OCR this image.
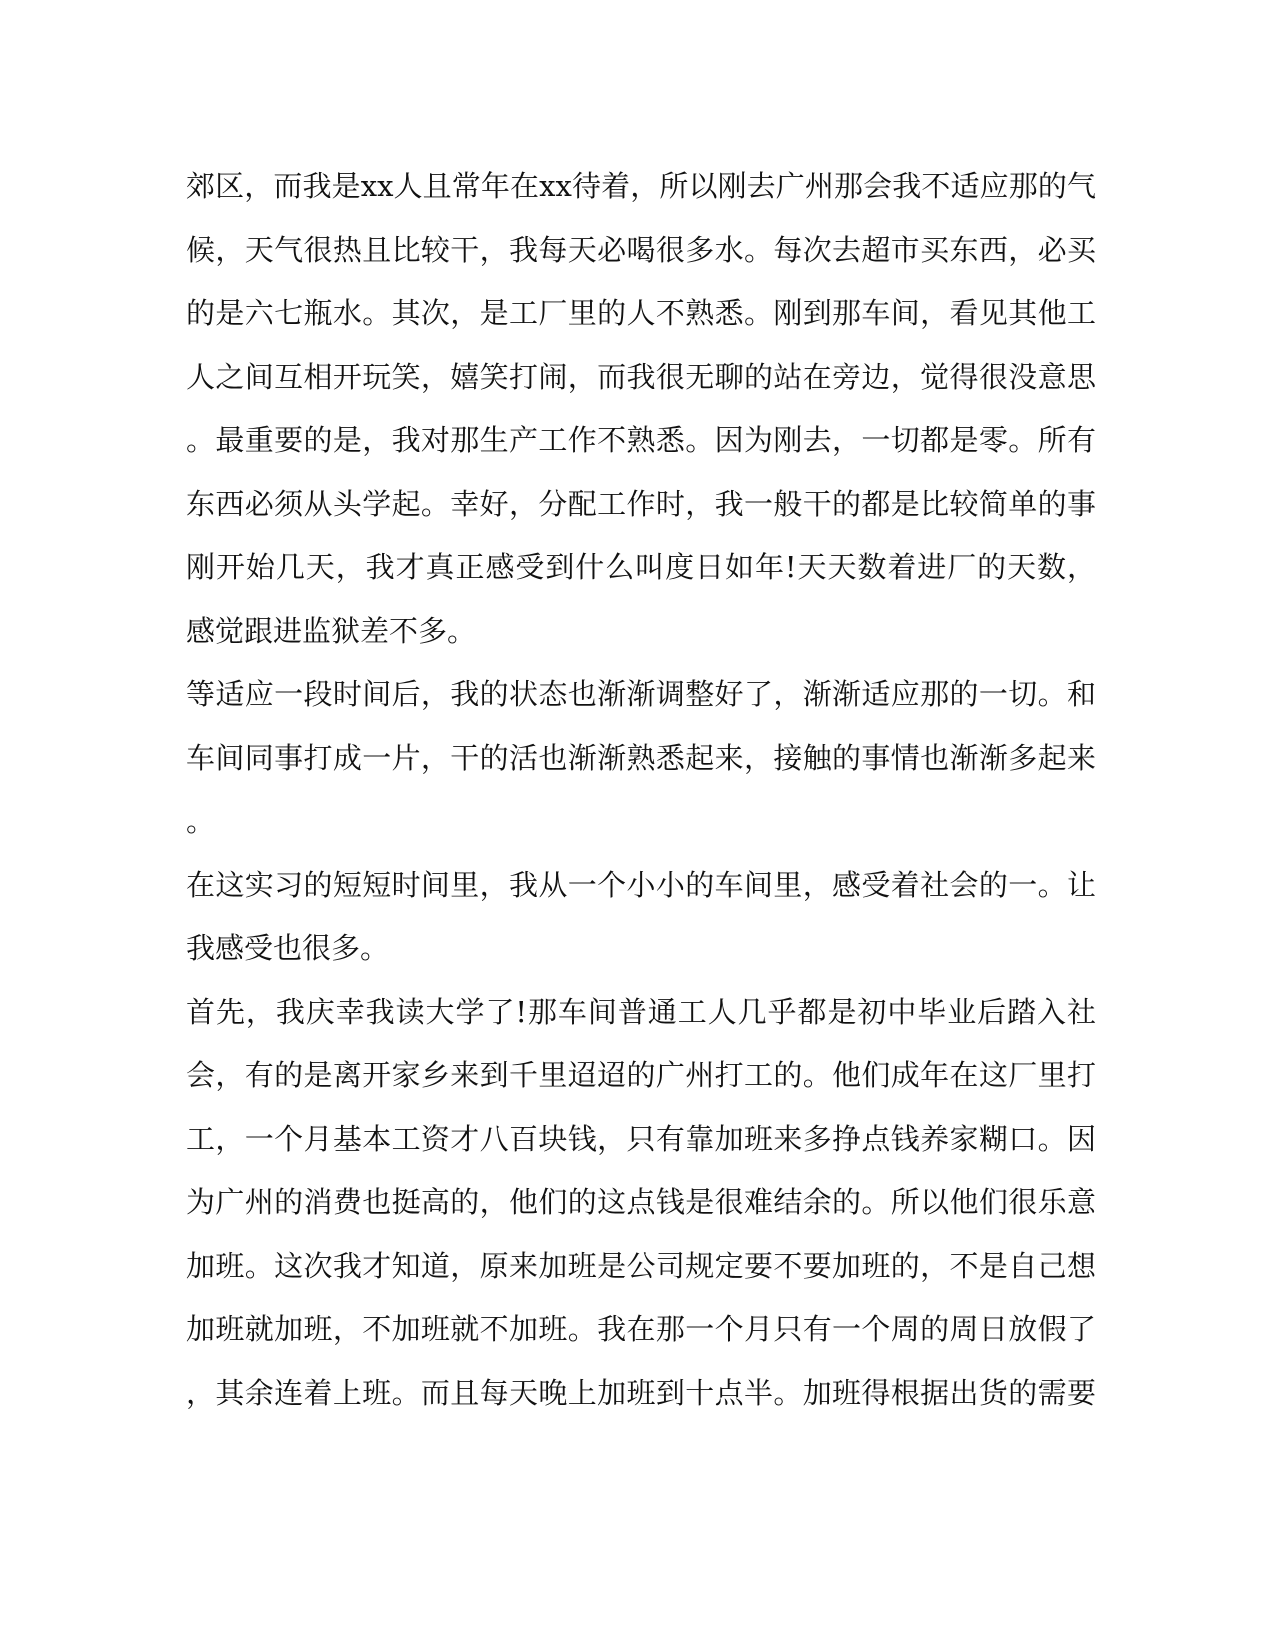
郊区，而我是xx人且常年在xx待着，所以刚去广州那会我不适应那的气
候，天气很热且比较干，我每天必喝很多水。每次去超市买东西，必买
的是六七瓶水。其次，是工厂里的人不熟悉。刚到那车间，看见其他工
人之间互相开玩笑，嬉笑打闹，而我很无聊的站在旁边，觉得很没意思
。最重要的是，我对那生产工作不熟悉。因为刚去，一切都是零。所有
东西必须从头学起。幸好，分配工作时，我一般干的都是比较简单的事
刚开始几天，我才真正感受到什么叫度日如年!天天数着进厂的天数，
感觉跟进监狱差不多。
等适应一段时间后，我的状态也渐渐调整好了，渐渐适应那的一切。和
车间同事打成一片，干的活也渐渐熟悉起来，接触的事情也渐渐多起来
。
在这实习的短短时间里，我从一个小小的车间里，感受着社会的一。让
我感受也很多。
首先，我庆幸我读大学了!那车间普通工人几乎都是初中毕业后踏入社
会，有的是离开家乡来到千里迢迢的广州打工的。他们成年在这厂里打
工，一个月基本工资才八百块钱，只有靠加班来多挣点钱养家糊口。因
为广州的消费也挺高的，他们的这点钱是很难结余的。所以他们很乐意
加班。这次我才知道，原来加班是公司规定要不要加班的，不是自己想
加班就加班，不加班就不加班。我在那一个月只有一个周的周日放假了
，其余连着上班。而且每天晚上加班到十点半。加班得根据出货的需要
